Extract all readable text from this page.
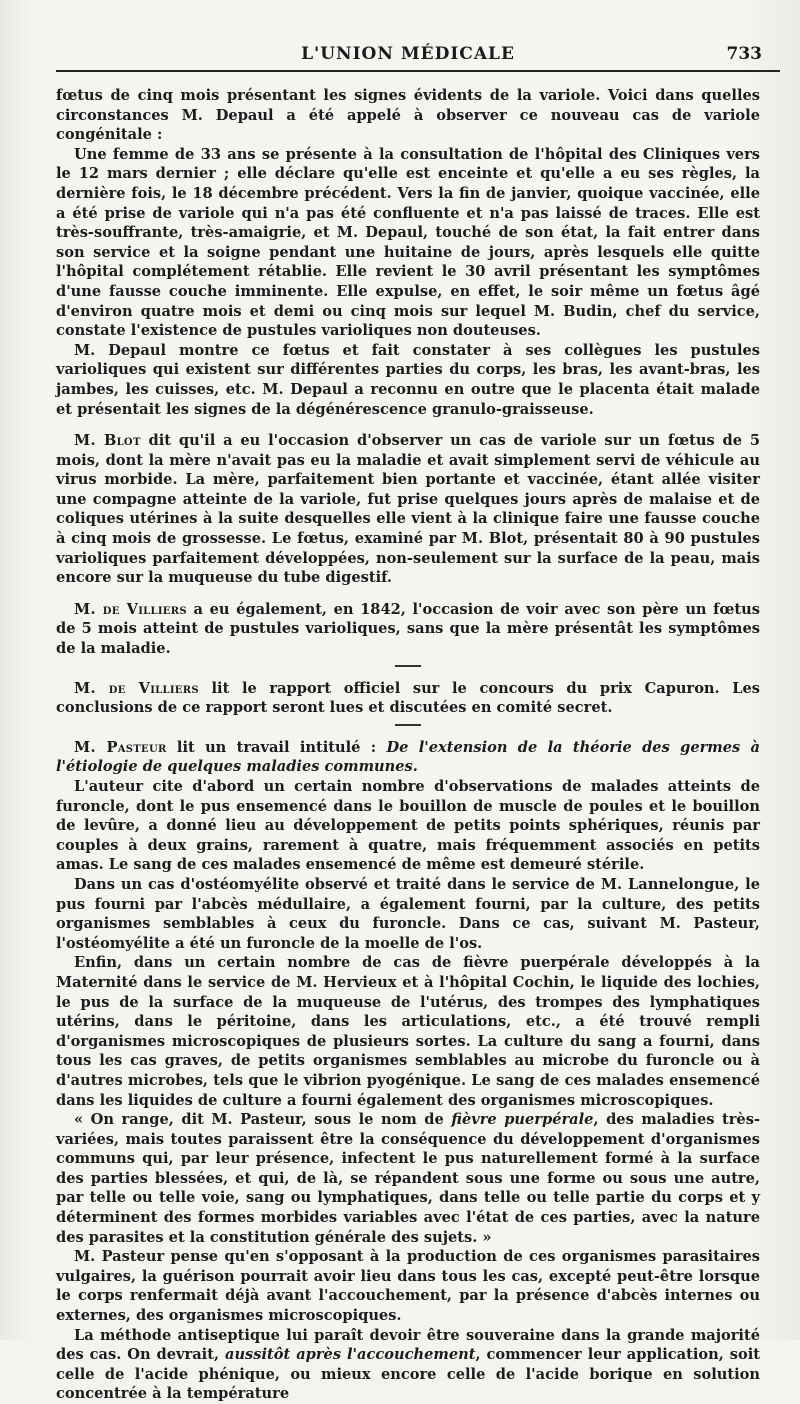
L'UNION MÉDICALE	733

fœtus de cinq mois présentant les signes évidents de la variole. Voici dans quelles circonstances M. Depaul a été appelé à observer ce nouveau cas de variole congénitale :

Une femme de 33 ans se présente à la consultation de l'hôpital des Cliniques vers le 12 mars dernier ; elle déclare qu'elle est enceinte et qu'elle a eu ses règles, la dernière fois, le 18 décembre précédent. Vers la fin de janvier, quoique vaccinée, elle a été prise de variole qui n'a pas été confluente et n'a pas laissé de traces. Elle est très-souffrante, très-amaigrie, et M. Depaul, touché de son état, la fait entrer dans son service et la soigne pendant une huitaine de jours, après lesquels elle quitte l'hôpital complétement rétablie. Elle revient le 30 avril présentant les symptômes d'une fausse couche imminente. Elle expulse, en effet, le soir même un fœtus âgé d'environ quatre mois et demi ou cinq mois sur lequel M. Budin, chef du service, constate l'existence de pustules varioliques non douteuses.

M. Depaul montre ce fœtus et fait constater à ses collègues les pustules varioliques qui existent sur différentes parties du corps, les bras, les avant-bras, les jambes, les cuisses, etc. M. Depaul a reconnu en outre que le placenta était malade et présentait les signes de la dégénérescence granulo-graisseuse.

M. Blot dit qu'il a eu l'occasion d'observer un cas de variole sur un fœtus de 5 mois, dont la mère n'avait pas eu la maladie et avait simplement servi de véhicule au virus morbide. La mère, parfaitement bien portante et vaccinée, étant allée visiter une compagne atteinte de la variole, fut prise quelques jours après de malaise et de coliques utérines à la suite desquelles elle vient à la clinique faire une fausse couche à cinq mois de grossesse. Le fœtus, examiné par M. Blot, présentait 80 à 90 pustules varioliques parfaitement développées, non-seulement sur la surface de la peau, mais encore sur la muqueuse du tube digestif.

M. de Villiers a eu également, en 1842, l'occasion de voir avec son père un fœtus de 5 mois atteint de pustules varioliques, sans que la mère présentât les symptômes de la maladie.

M. de Villiers lit le rapport officiel sur le concours du prix Capuron. Les conclusions de ce rapport seront lues et discutées en comité secret.

M. Pasteur lit un travail intitulé : De l'extension de la théorie des germes à l'étiologie de quelques maladies communes.

L'auteur cite d'abord un certain nombre d'observations de malades atteints de furoncle, dont le pus ensemencé dans le bouillon de muscle de poules et le bouillon de levûre, a donné lieu au développement de petits points sphériques, réunis par couples à deux grains, rarement à quatre, mais fréquemment associés en petits amas. Le sang de ces malades ensemencé de même est demeuré stérile.

Dans un cas d'ostéomyélite observé et traité dans le service de M. Lannelongue, le pus fourni par l'abcès médullaire, a également fourni, par la culture, des petits organismes semblables à ceux du furoncle. Dans ce cas, suivant M. Pasteur, l'ostéomyélite a été un furoncle de la moelle de l'os.

Enfin, dans un certain nombre de cas de fièvre puerpérale développés à la Maternité dans le service de M. Hervieux et à l'hôpital Cochin, le liquide des lochies, le pus de la surface de la muqueuse de l'utérus, des trompes des lymphatiques utérins, dans le péritoine, dans les articulations, etc., a été trouvé rempli d'organismes microscopiques de plusieurs sortes. La culture du sang a fourni, dans tous les cas graves, de petits organismes semblables au microbe du furoncle ou à d'autres microbes, tels que le vibrion pyogénique. Le sang de ces malades ensemencé dans les liquides de culture a fourni également des organismes microscopiques.

« On range, dit M. Pasteur, sous le nom de fièvre puerpérale, des maladies très-variées, mais toutes paraissent être la conséquence du développement d'organismes communs qui, par leur présence, infectent le pus naturellement formé à la surface des parties blessées, et qui, de là, se répandent sous une forme ou sous une autre, par telle ou telle voie, sang ou lymphatiques, dans telle ou telle partie du corps et y déterminent des formes morbides variables avec l'état de ces parties, avec la nature des parasites et la constitution générale des sujets. »

M. Pasteur pense qu'en s'opposant à la production de ces organismes parasitaires vulgaires, la guérison pourrait avoir lieu dans tous les cas, excepté peut-être lorsque le corps renfermait déjà avant l'accouchement, par la présence d'abcès internes ou externes, des organismes microscopiques.

La méthode antiseptique lui paraît devoir être souveraine dans la grande majorité des cas. On devrait, aussitôt après l'accouchement, commencer leur application, soit celle de l'acide phénique, ou mieux encore celle de l'acide borique en solution concentrée à la température
